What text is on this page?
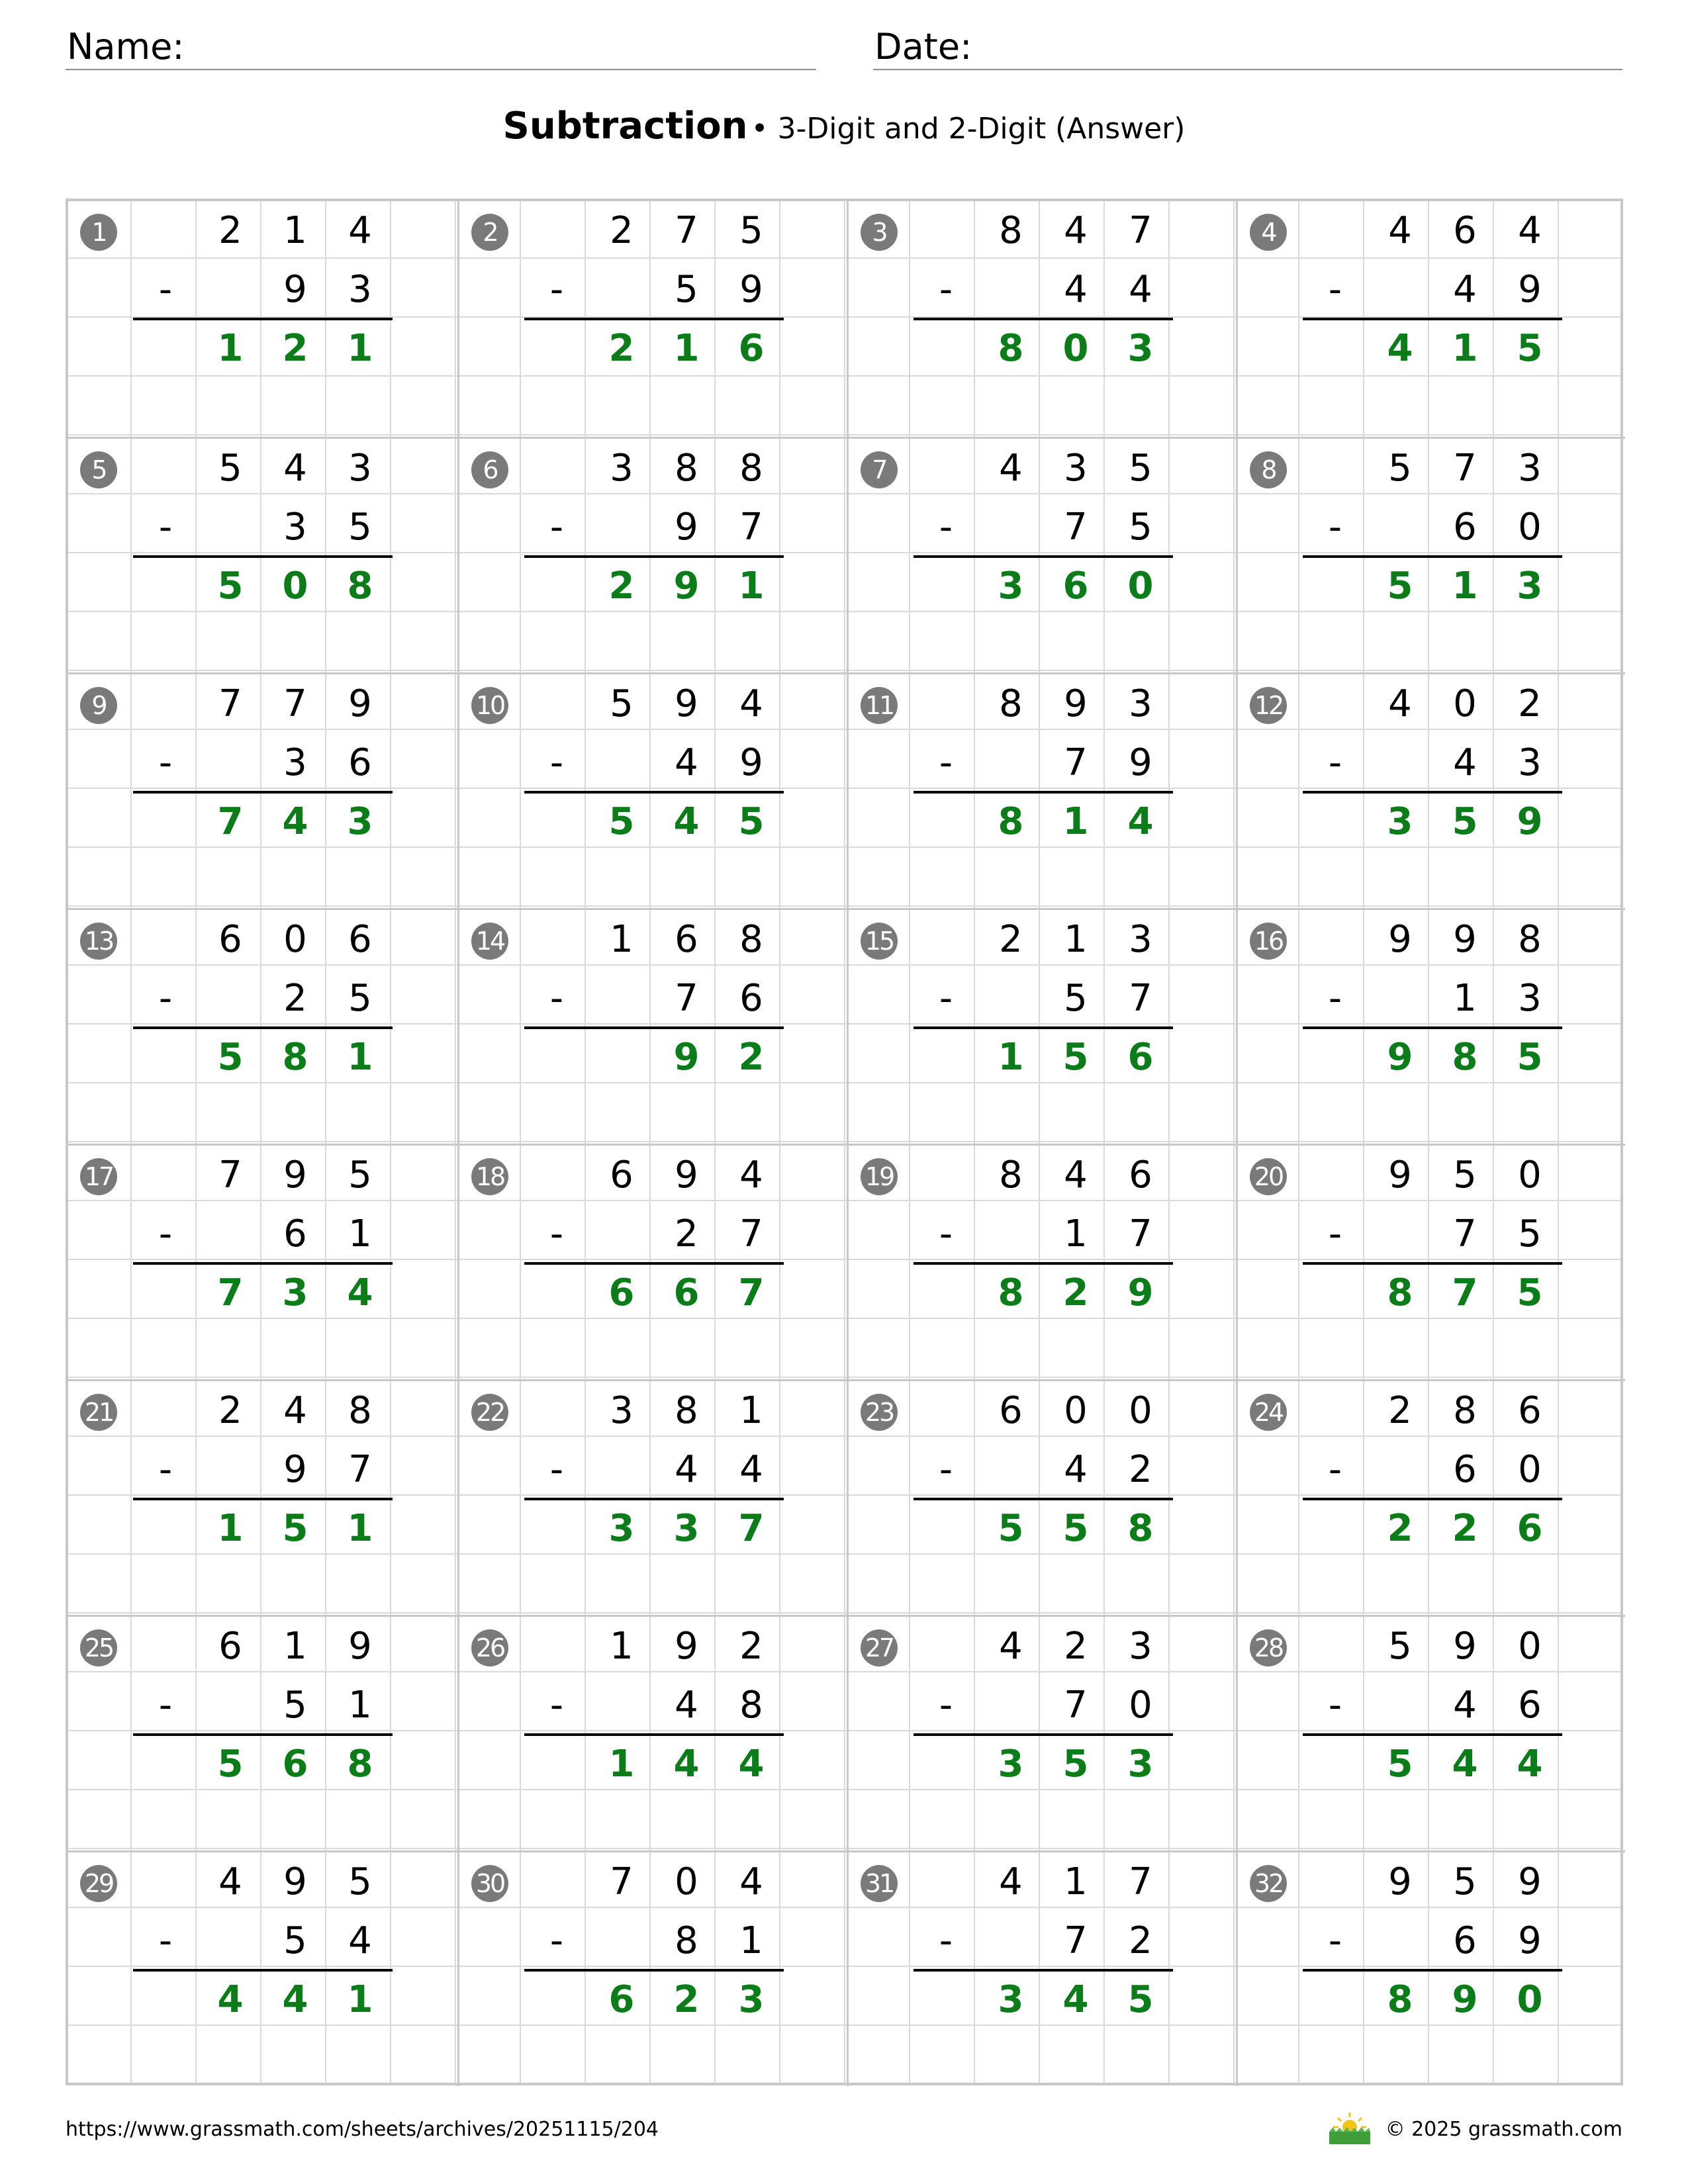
Name:	Date:
Subtraction • 3-Digit and 2-Digit (Answer)
1	2	1	4
-	9	3
1	2	1
2	2	7	5
-	5	9
2	1	6
3	8	4	7
-	4	4
8	0	3
4	4	6	4
-	4	9
4	1	5
5	5	4	3
-	3	5
5	0	8
6	3	8	8
-	9	7
2	9	1
7	4	3	5
-	7	5
3	6	0
8	5	7	3
-	6	0
5	1	3
9	7	7	9
-	3	6
7	4	3
10	5	9	4
-	4	9
5	4	5
11	8	9	3
-	7	9
8	1	4
12	4	0	2
-	4	3
3	5	9
13	6	0	6
-	2	5
5	8	1
14	1	6	8
-	7	6
9	2
15	2	1	3
-	5	7
1	5	6
16	9	9	8
-	1	3
9	8	5
17	7	9	5
-	6	1
7	3	4
18	6	9	4
-	2	7
6	6	7
19	8	4	6
-	1	7
8	2	9
20	9	5	0
-	7	5
8	7	5
21	2	4	8
-	9	7
1	5	1
22	3	8	1
-	4	4
3	3	7
23	6	0	0
-	4	2
5	5	8
24	2	8	6
-	6	0
2	2	6
25	6	1	9
-	5	1
5	6	8
26	1	9	2
-	4	8
1	4	4
27	4	2	3
-	7	0
3	5	3
28	5	9	0
-	4	6
5	4	4
29	4	9	5
-	5	4
4	4	1
30	7	0	4
-	8	1
6	2	3
31	4	1	7
-	7	2
3	4	5
32	9	5	9
-	6	9
8	9	0
https://www.grassmath.com/sheets/archives/20251115/204	© 2025 grassmath.com
